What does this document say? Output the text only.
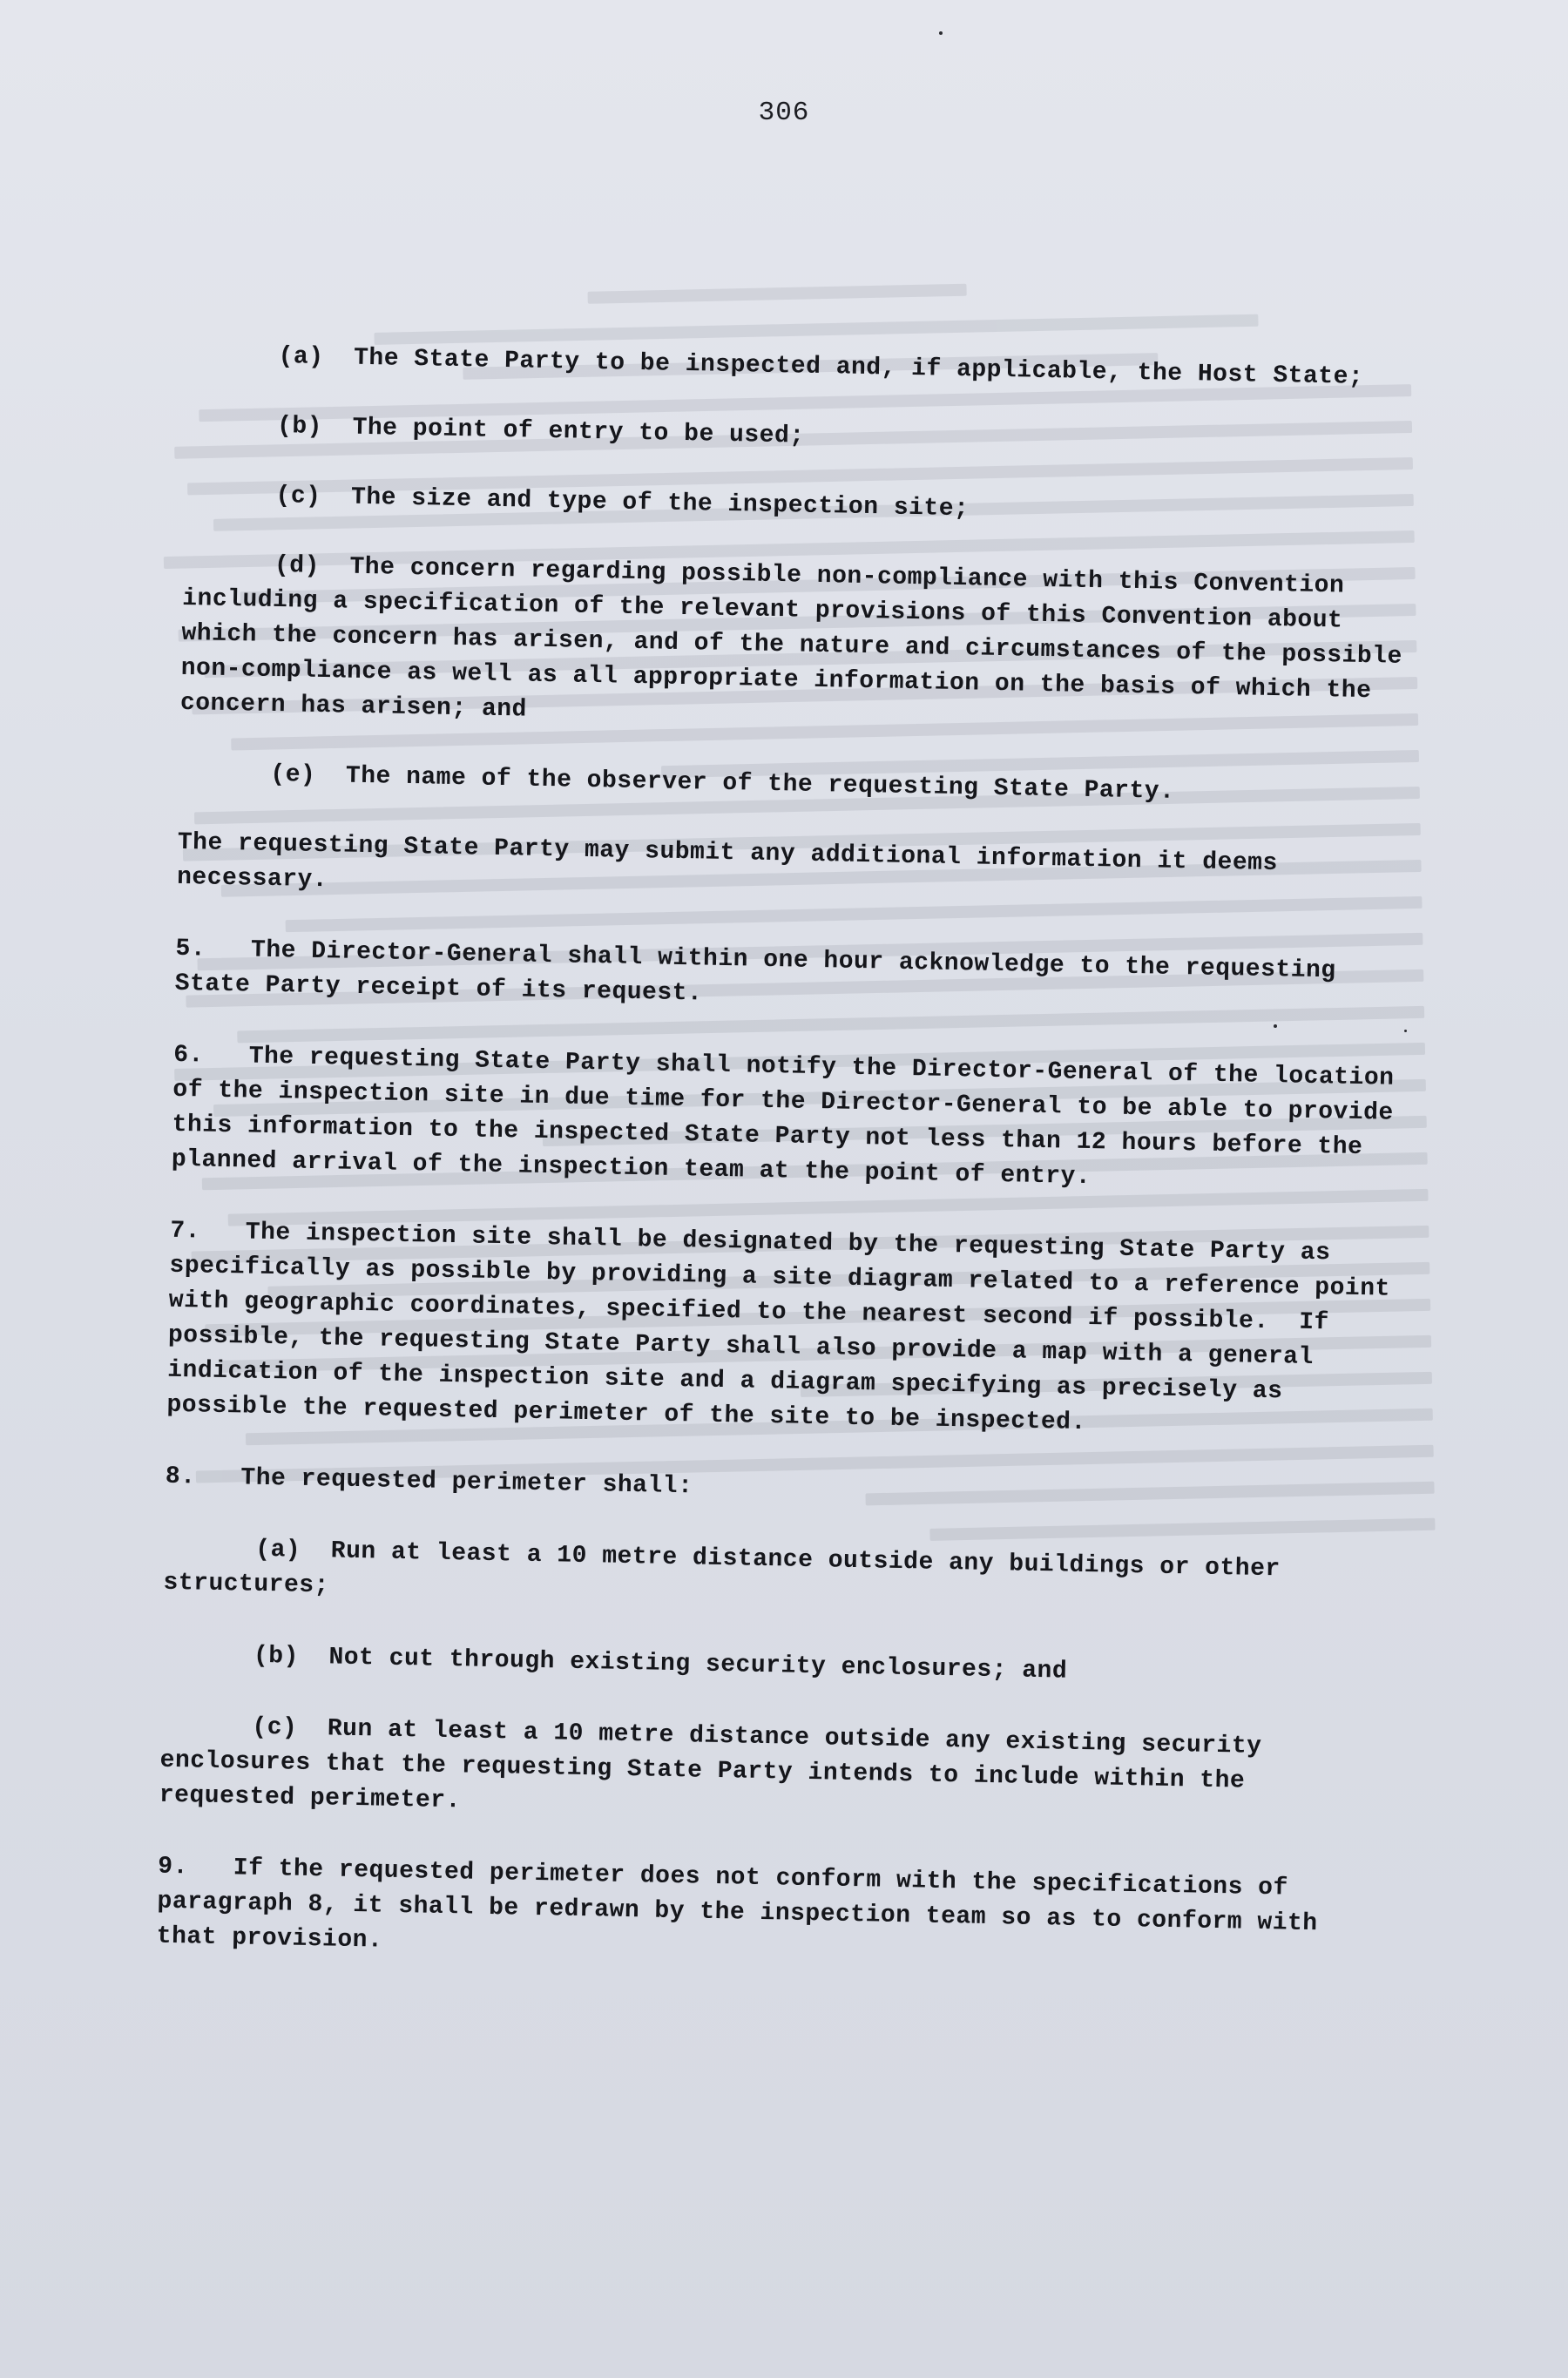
306

(a)  The State Party to be inspected and, if applicable, the Host State;

(b)  The point of entry to be used;

(c)  The size and type of the inspection site;

(d)  The concern regarding possible non-compliance with this Convention including a specification of the relevant provisions of this Convention about which the concern has arisen, and of the nature and circumstances of the possible non-compliance as well as all appropriate information on the basis of which the concern has arisen; and

(e)  The name of the observer of the requesting State Party.

The requesting State Party may submit any additional information it deems necessary.

5.   The Director-General shall within one hour acknowledge to the requesting State Party receipt of its request.

6.   The requesting State Party shall notify the Director-General of the location of the inspection site in due time for the Director-General to be able to provide this information to the inspected State Party not less than 12 hours before the planned arrival of the inspection team at the point of entry.

7.   The inspection site shall be designated by the requesting State Party as specifically as possible by providing a site diagram related to a reference point with geographic coordinates, specified to the nearest second if possible.  If possible, the requesting State Party shall also provide a map with a general indication of the inspection site and a diagram specifying as precisely as possible the requested perimeter of the site to be inspected.

8.   The requested perimeter shall:

(a)  Run at least a 10 metre distance outside any buildings or other structures;

(b)  Not cut through existing security enclosures; and

(c)  Run at least a 10 metre distance outside any existing security enclosures that the requesting State Party intends to include within the requested perimeter.

9.   If the requested perimeter does not conform with the specifications of paragraph 8, it shall be redrawn by the inspection team so as to conform with that provision.
